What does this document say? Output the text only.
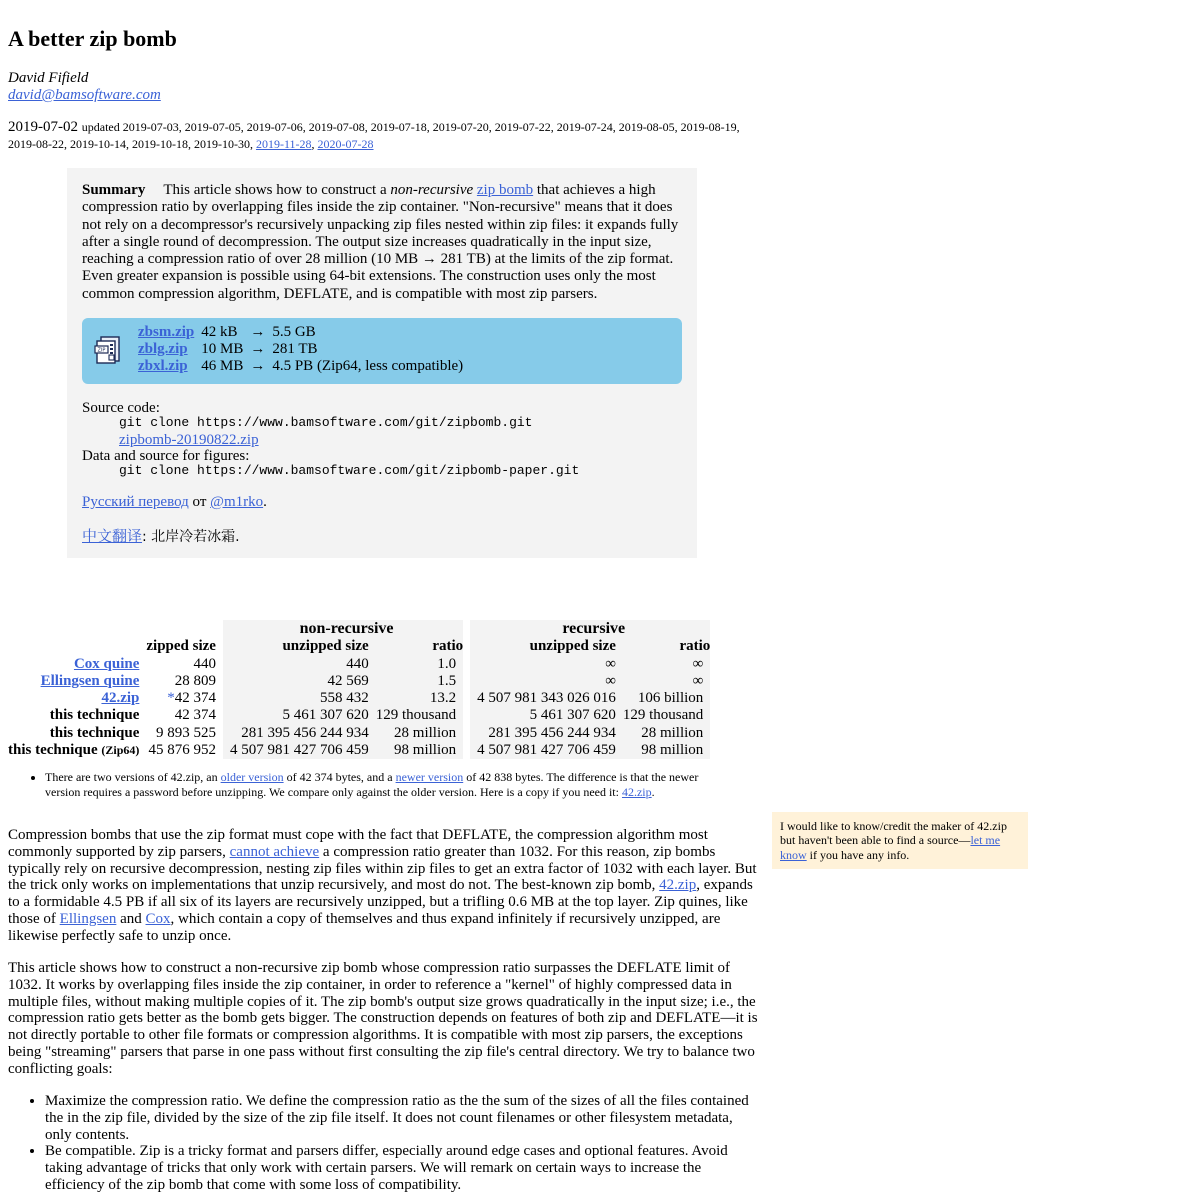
A better zip bomb
David Fifield
david@bamsoftware.com
2019-07-02 updated 2019-07-03, 2019-07-05, 2019-07-06, 2019-07-08, 2019-07-18, 2019-07-20, 2019-07-22, 2019-07-24, 2019-08-05, 2019-08-19, 2019-08-22, 2019-10-14, 2019-10-18, 2019-10-30, 2019-11-28, 2020-07-28

Summary This article shows how to construct a non-recursive zip bomb that achieves a high compression ratio by overlapping files inside the zip container. "Non-recursive" means that it does not rely on a decompressor's recursively unpacking zip files nested within zip files: it expands fully after a single round of decompression. The output size increases quadratically in the input size, reaching a compression ratio of over 28 million (10 MB → 281 TB) at the limits of the zip format. Even greater expansion is possible using 64-bit extensions. The construction uses only the most common compression algorithm, DEFLATE, and is compatible with most zip parsers.

ZIP
zbsm.zip	42 kB	→	5.5 GB
zblg.zip	10 MB	→	281 TB
zbxl.zip	46 MB	→	4.5 PB (Zip64, less compatible)
Source code:
git clone https://www.bamsoftware.com/git/zipbomb.git
zipbomb-20190822.zip
Data and source for figures:
git clone https://www.bamsoftware.com/git/zipbomb-paper.git
Русский перевод от @m1rko.
中文翻译: 北岸冷若冰霜.
			non-recursive			recursive	
	zipped size		unzipped size	ratio		unzipped size	ratio
Cox quine	440		440	1.0		∞	∞
Ellingsen quine	28 809		42 569	1.5		∞	∞
42.zip	*42 374		558 432	13.2		4 507 981 343 026 016	106 billion
this technique	42 374		5 461 307 620	129 thousand		5 461 307 620	129 thousand
this technique	9 893 525		281 395 456 244 934	28 million		281 395 456 244 934	28 million
this technique (Zip64)	45 876 952		4 507 981 427 706 459	98 million		4 507 981 427 706 459	98 million
• There are two versions of 42.zip, an older version of 42 374 bytes, and a newer version of 42 838 bytes. The difference is that the newer version requires a password before unzipping. We compare only against the older version. Here is a copy if you need it: 42.zip.
I would like to know/credit the maker of 42.zip but haven't been able to find a source—let me know if you have any info.

Compression bombs that use the zip format must cope with the fact that DEFLATE, the compression algorithm most commonly supported by zip parsers, cannot achieve a compression ratio greater than 1032. For this reason, zip bombs typically rely on recursive decompression, nesting zip files within zip files to get an extra factor of 1032 with each layer. But the trick only works on implementations that unzip recursively, and most do not. The best-known zip bomb, 42.zip, expands to a formidable 4.5 PB if all six of its layers are recursively unzipped, but a trifling 0.6 MB at the top layer. Zip quines, like those of Ellingsen and Cox, which contain a copy of themselves and thus expand infinitely if recursively unzipped, are likewise perfectly safe to unzip once.

This article shows how to construct a non-recursive zip bomb whose compression ratio surpasses the DEFLATE limit of 1032. It works by overlapping files inside the zip container, in order to reference a "kernel" of highly compressed data in multiple files, without making multiple copies of it. The zip bomb's output size grows quadratically in the input size; i.e., the compression ratio gets better as the bomb gets bigger. The construction depends on features of both zip and DEFLATE—it is not directly portable to other file formats or compression algorithms. It is compatible with most zip parsers, the exceptions being "streaming" parsers that parse in one pass without first consulting the zip file's central directory. We try to balance two conflicting goals:

• Maximize the compression ratio. We define the compression ratio as the the sum of the sizes of all the files contained the in the zip file, divided by the size of the zip file itself. It does not count filenames or other filesystem metadata, only contents.
• Be compatible. Zip is a tricky format and parsers differ, especially around edge cases and optional features. Avoid taking advantage of tricks that only work with certain parsers. We will remark on certain ways to increase the efficiency of the zip bomb that come with some loss of compatibility.
